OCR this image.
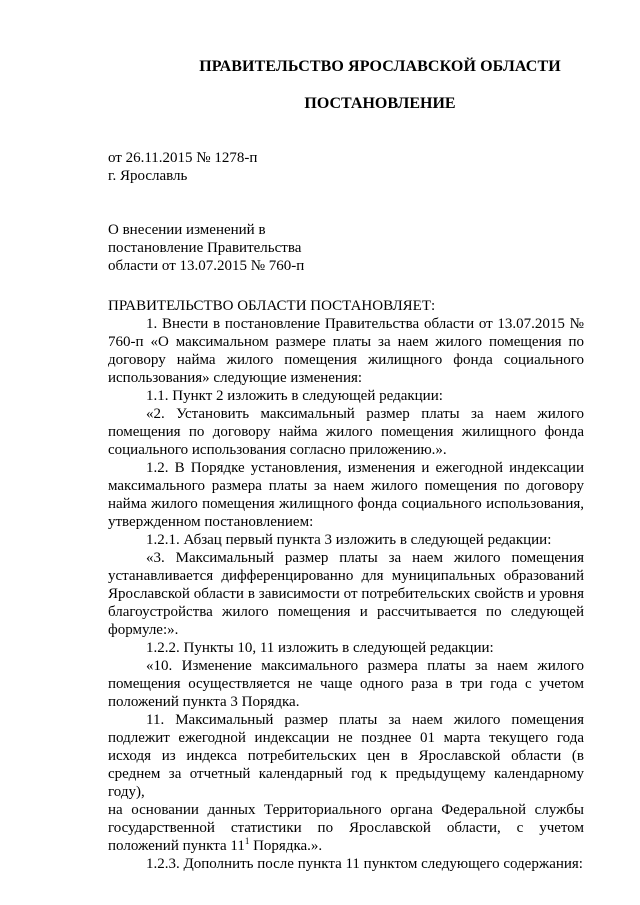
ПРАВИТЕЛЬСТВО ЯРОСЛАВСКОЙ ОБЛАСТИ
ПОСТАНОВЛЕНИЕ
от 26.11.2015 № 1278-п
г. Ярославль
О внесении изменений в
постановление Правительства
области от 13.07.2015 № 760-п

ПРАВИТЕЛЬСТВО ОБЛАСТИ ПОСТАНОВЛЯЕТ:

1. Внести в постановление Правительства области от 13.07.2015 № 760-п «О максимальном размере платы за наем жилого помещения по договору найма жилого помещения жилищного фонда социального использования» следующие изменения:

1.1. Пункт 2 изложить в следующей редакции:

«2. Установить максимальный размер платы за наем жилого помещения по договору найма жилого помещения жилищного фонда социального использования согласно приложению.».

1.2. В Порядке установления, изменения и ежегодной индексации максимального размера платы за наем жилого помещения по договору найма жилого помещения жилищного фонда социального использования, утвержденном постановлением:

1.2.1. Абзац первый пункта 3 изложить в следующей редакции:

«3. Максимальный размер платы за наем жилого помещения устанавливается дифференцированно для муниципальных образований Ярославской области в зависимости от потребительских свойств и уровня благоустройства жилого помещения и рассчитывается по следующей формуле:».

1.2.2. Пункты 10, 11 изложить в следующей редакции:

«10. Изменение максимального размера платы за наем жилого помещения осуществляется не чаще одного раза в три года с учетом положений пункта 3 Порядка.

11. Максимальный размер платы за наем жилого помещения подлежит ежегодной индексации не позднее 01 марта текущего года исходя из индекса потребительских цен в Ярославской области (в среднем за отчетный календарный год к предыдущему календарному году),

на основании данных Территориального органа Федеральной службы государственной статистики по Ярославской области, с учетом положений пункта $11^1$ Порядка.».

1.2.3. Дополнить после пункта 11 пунктом следующего содержания:
